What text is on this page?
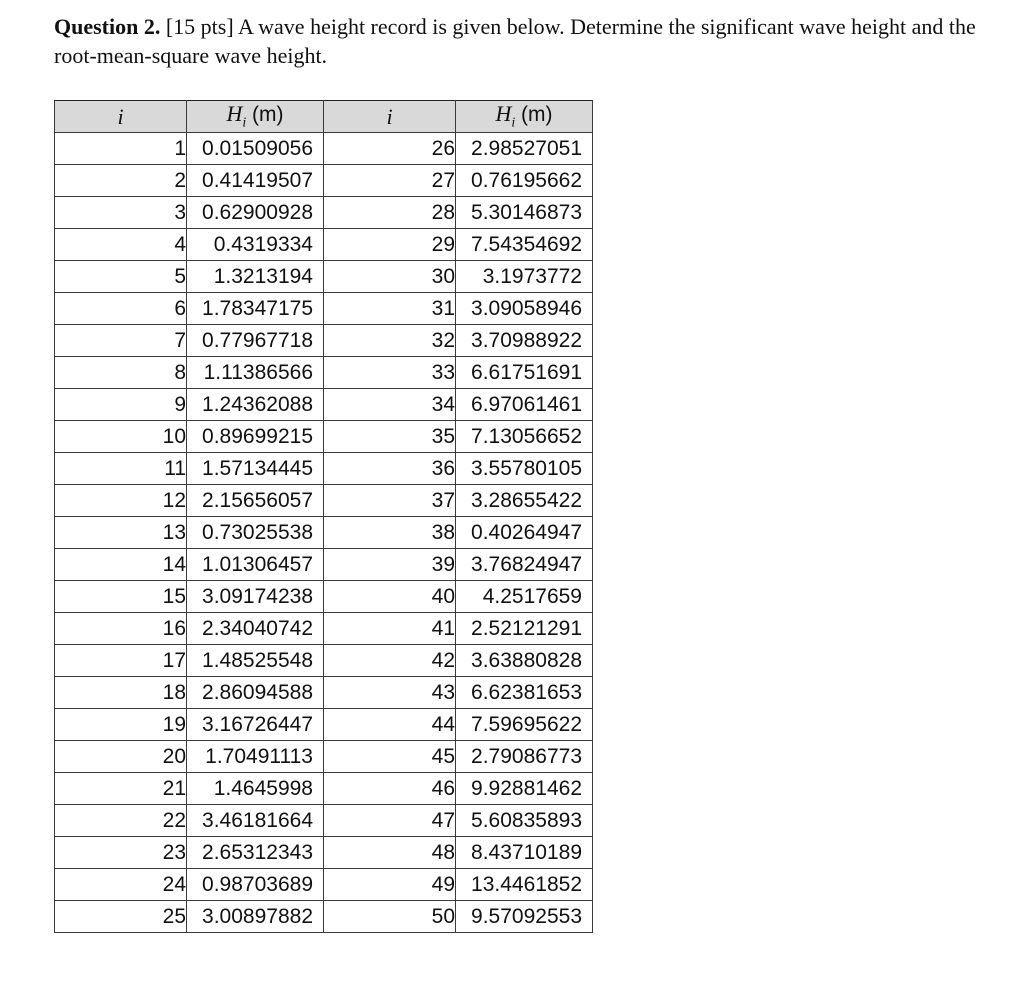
Question 2. [15 pts] A wave height record is given below. Determine the significant wave height and the root-mean-square wave height.
i	$H_i$ (m)	i	$H_i$ (m)
1	0.01509056	26	2.98527051
2	0.41419507	27	0.76195662
3	0.62900928	28	5.30146873
4	0.4319334	29	7.54354692
5	1.3213194	30	3.1973772
6	1.78347175	31	3.09058946
7	0.77967718	32	3.70988922
8	1.11386566	33	6.61751691
9	1.24362088	34	6.97061461
10	0.89699215	35	7.13056652
11	1.57134445	36	3.55780105
12	2.15656057	37	3.28655422
13	0.73025538	38	0.40264947
14	1.01306457	39	3.76824947
15	3.09174238	40	4.2517659
16	2.34040742	41	2.52121291
17	1.48525548	42	3.63880828
18	2.86094588	43	6.62381653
19	3.16726447	44	7.59695622
20	1.70491113	45	2.79086773
21	1.4645998	46	9.92881462
22	3.46181664	47	5.60835893
23	2.65312343	48	8.43710189
24	0.98703689	49	13.4461852
25	3.00897882	50	9.57092553
